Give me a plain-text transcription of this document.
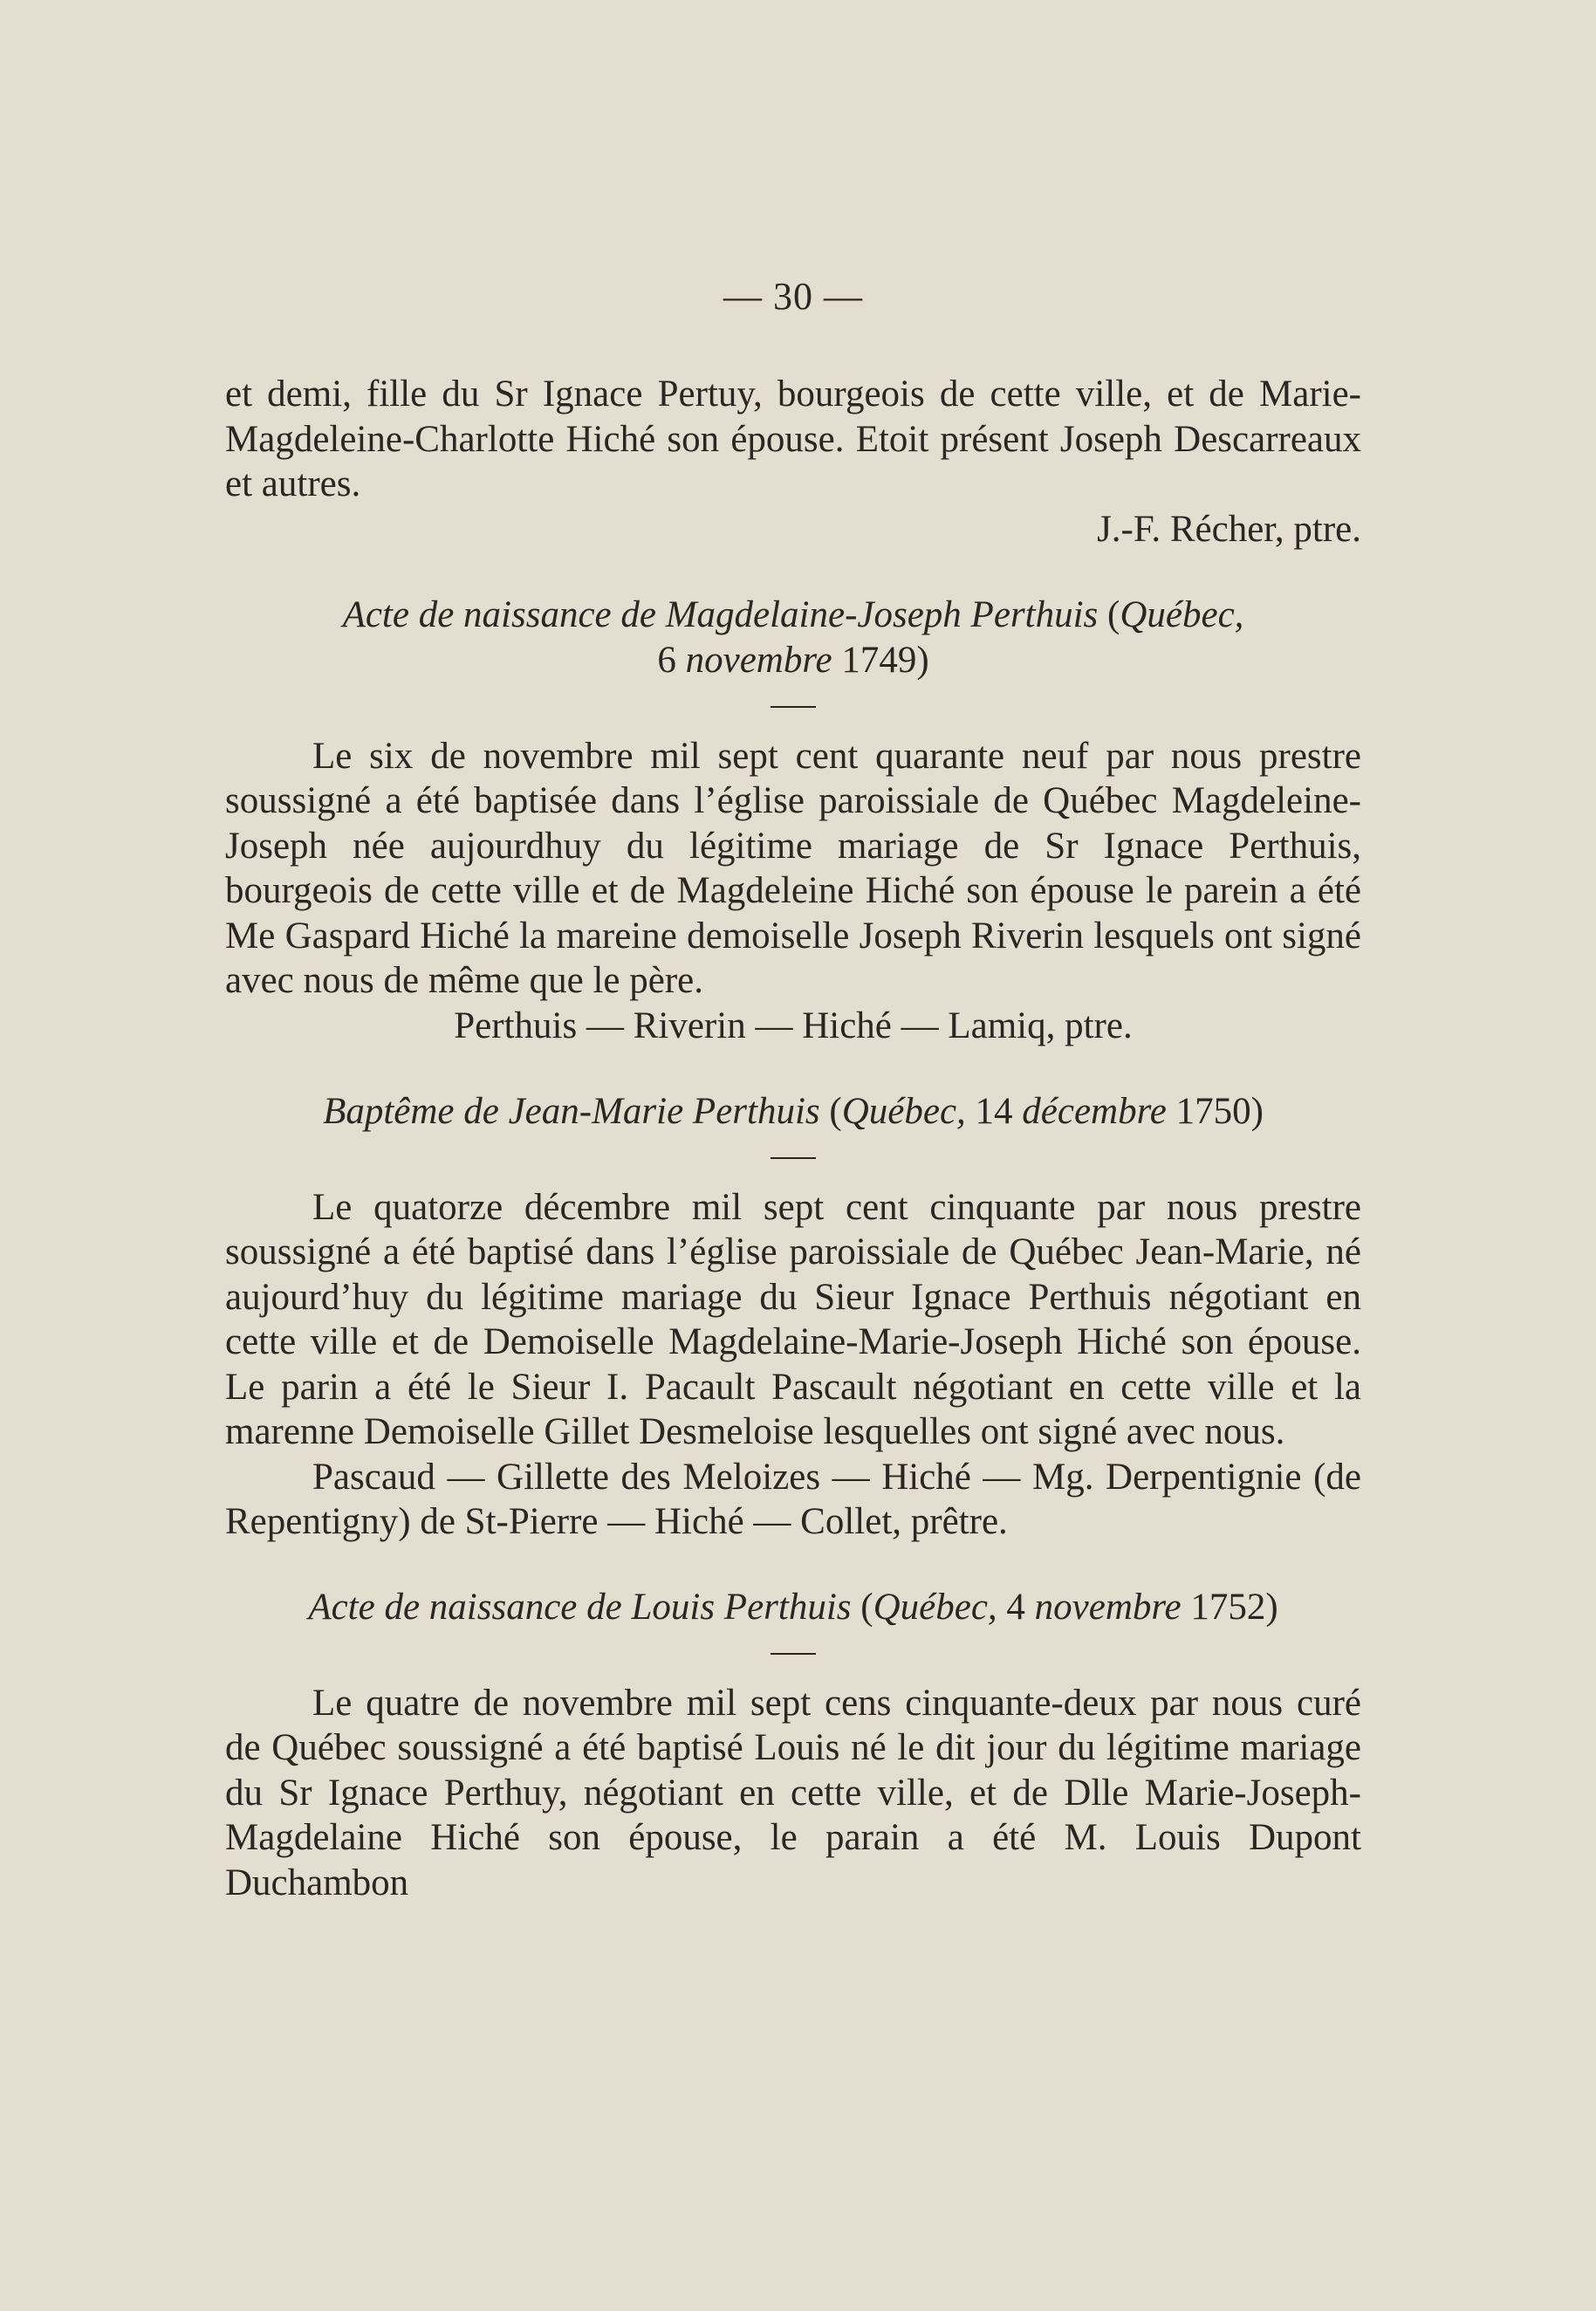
— 30 —

et demi, fille du Sr Ignace Pertuy, bourgeois de cette ville, et de Marie-Magdeleine-Charlotte Hiché son épouse. Etoit présent Joseph Descarreaux et autres.

J.-F. Récher, ptre.

Acte de naissance de Magdelaine-Joseph Perthuis (Québec,
6 novembre 1749)

Le six de novembre mil sept cent quarante neuf par nous prestre soussigné a été baptisée dans l’église paroissiale de Québec Magdeleine-Joseph née aujourdhuy du légitime mariage de Sr Ignace Perthuis, bourgeois de cette ville et de Magdeleine Hiché son épouse le parein a été Me Gaspard Hiché la mareine demoiselle Joseph Riverin lesquels ont signé avec nous de même que le père.

Perthuis — Riverin — Hiché — Lamiq, ptre.

Baptême de Jean-Marie Perthuis (Québec, 14 décembre 1750)

Le quatorze décembre mil sept cent cinquante par nous prestre soussigné a été baptisé dans l’église paroissiale de Québec Jean-Marie, né aujourd’huy du légitime mariage du Sieur Ignace Perthuis négotiant en cette ville et de Demoiselle Magdelaine-Marie-Joseph Hiché son épouse. Le parin a été le Sieur I. Pacault Pascault négotiant en cette ville et la marenne Demoiselle Gillet Desmeloise lesquelles ont signé avec nous.

Pascaud — Gillette des Meloizes — Hiché — Mg. Derpentignie (de Repentigny) de St-Pierre — Hiché — Collet, prêtre.

Acte de naissance de Louis Perthuis (Québec, 4 novembre 1752)

Le quatre de novembre mil sept cens cinquante-deux par nous curé de Québec soussigné a été baptisé Louis né le dit jour du légitime mariage du Sr Ignace Perthuy, négotiant en cette ville, et de Dlle Marie-Joseph-Magdelaine Hiché son épouse, le parain a été M. Louis Dupont Duchambon
